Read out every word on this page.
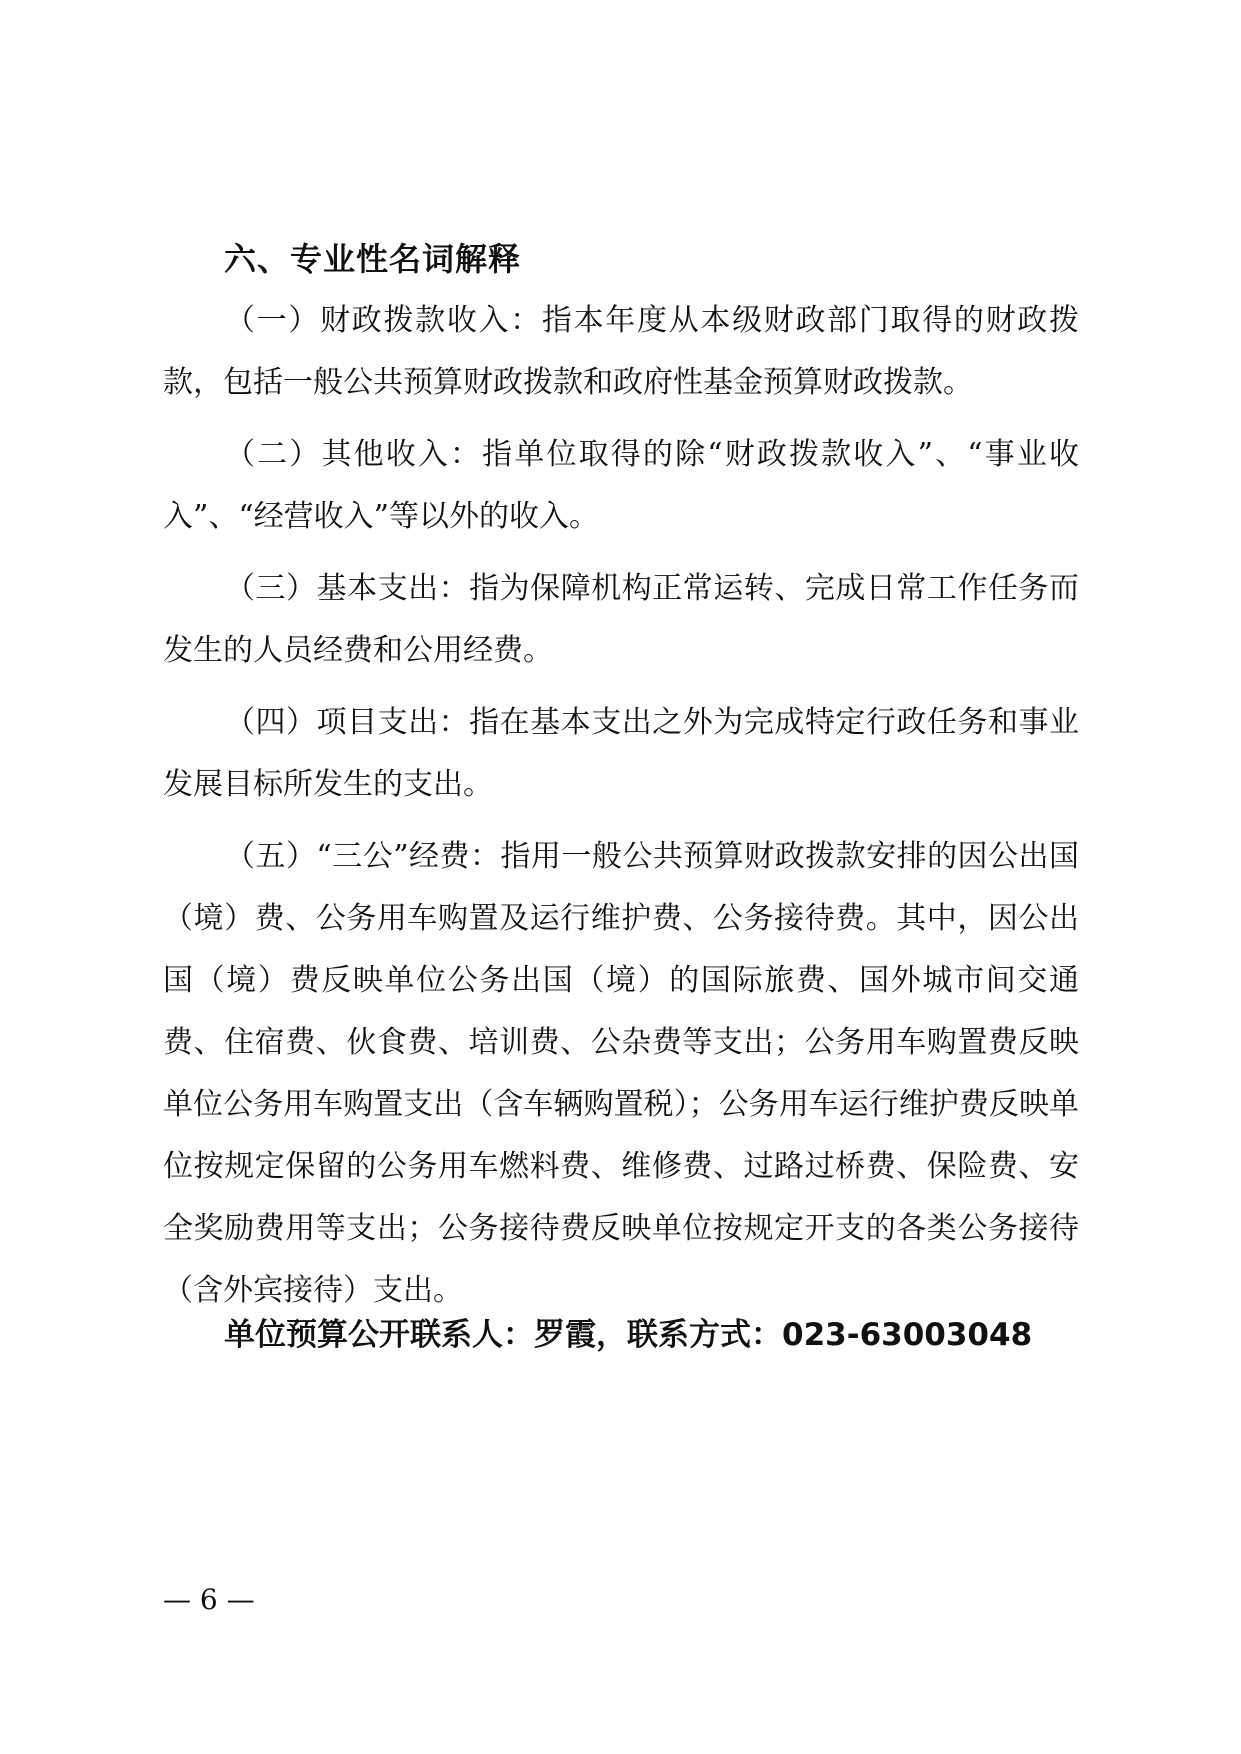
六、专业性名词解释

（一）财政拨款收入：指本年度从本级财政部门取得的财政拨款，包括一般公共预算财政拨款和政府性基金预算财政拨款。

（二）其他收入：指单位取得的除“财政拨款收入”、“事业收入”、“经营收入”等以外的收入。

（三）基本支出：指为保障机构正常运转、完成日常工作任务而发生的人员经费和公用经费。

（四）项目支出：指在基本支出之外为完成特定行政任务和事业发展目标所发生的支出。

（五）“三公”经费：指用一般公共预算财政拨款安排的因公出国（境）费、公务用车购置及运行维护费、公务接待费。其中，因公出国（境）费反映单位公务出国（境）的国际旅费、国外城市间交通费、住宿费、伙食费、培训费、公杂费等支出；公务用车购置费反映单位公务用车购置支出（含车辆购置税）；公务用车运行维护费反映单位按规定保留的公务用车燃料费、维修费、过路过桥费、保险费、安全奖励费用等支出；公务接待费反映单位按规定开支的各类公务接待（含外宾接待）支出。

单位预算公开联系人：罗霞，联系方式：023-63003048

— 6 —
